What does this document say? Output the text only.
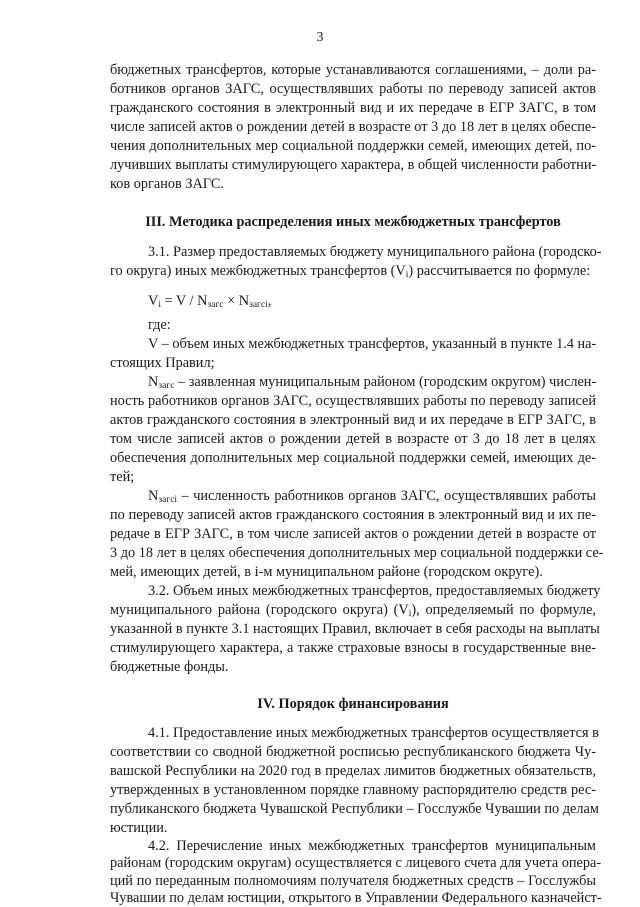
3
бюджетных трансфертов, которые устанавливаются соглашениями, – доли ра-
ботников органов ЗАГС, осуществлявших работы по переводу записей актов
гражданского состояния в электронный вид и их передаче в ЕГР ЗАГС, в том
числе записей актов о рождении детей в возрасте от 3 до 18 лет в целях обеспе-
чения дополнительных мер социальной поддержки семей, имеющих детей, по-
лучивших выплаты стимулирующего характера, в общей численности работни-
ков органов ЗАГС.
III. Методика распределения иных межбюджетных трансфертов
3.1. Размер предоставляемых бюджету муниципального района (городско-
го округа) иных межбюджетных трансфертов $(V_i)$ рассчитывается по формуле:
$V_i = V / N_{загс} \times N_{загсi}$,
где:
V – объем иных межбюджетных трансфертов, указанный в пункте 1.4 на-
стоящих Правил;
$N_{загс}$ – заявленная муниципальным районом (городским округом) числен-
ность работников органов ЗАГС, осуществлявших работы по переводу записей
актов гражданского состояния в электронный вид и их передаче в ЕГР ЗАГС, в
том числе записей актов о рождении детей в возрасте от 3 до 18 лет в целях
обеспечения дополнительных мер социальной поддержки семей, имеющих де-
тей;
$N_{загсi}$ – численность работников органов ЗАГС, осуществлявших работы
по переводу записей актов гражданского состояния в электронный вид и их пе-
редаче в ЕГР ЗАГС, в том числе записей актов о рождении детей в возрасте от
3 до 18 лет в целях обеспечения дополнительных мер социальной поддержки се-
мей, имеющих детей, в i-м муниципальном районе (городском округе).
3.2. Объем иных межбюджетных трансфертов, предоставляемых бюджету
муниципального района (городского округа) $(V_i)$, определяемый по формуле,
указанной в пункте 3.1 настоящих Правил, включает в себя расходы на выплаты
стимулирующего характера, а также страховые взносы в государственные вне-
бюджетные фонды.
IV. Порядок финансирования
4.1. Предоставление иных межбюджетных трансфертов осуществляется в
соответствии со сводной бюджетной росписью республиканского бюджета Чу-
вашской Республики на 2020 год в пределах лимитов бюджетных обязательств,
утвержденных в установленном порядке главному распорядителю средств рес-
публиканского бюджета Чувашской Республики – Госслужбе Чувашии по делам
юстиции.
4.2. Перечисление иных межбюджетных трансфертов муниципальным
районам (городским округам) осуществляется с лицевого счета для учета опера-
ций по переданным полномочиям получателя бюджетных средств – Госслужбы
Чувашии по делам юстиции, открытого в Управлении Федерального казначейст-
